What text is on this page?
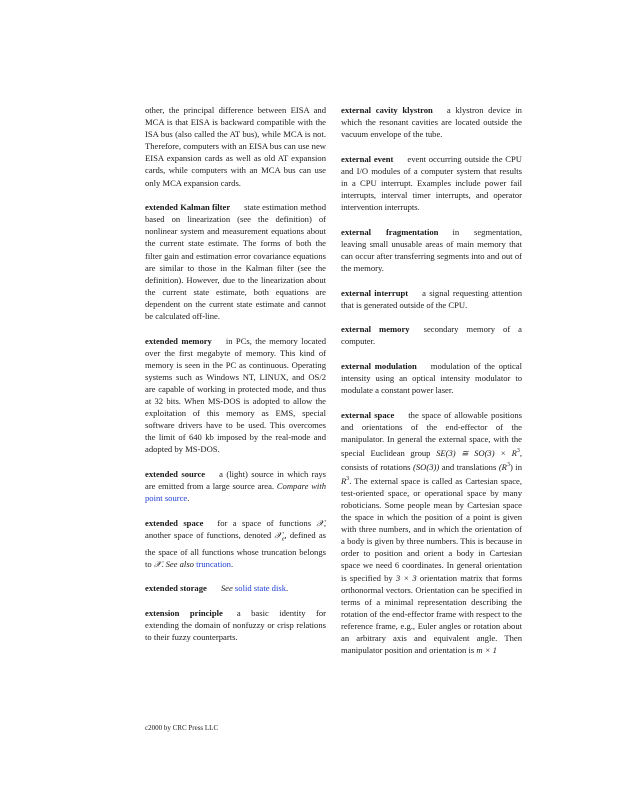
other, the principal difference between EISA and MCA is that EISA is backward compatible with the ISA bus (also called the AT bus), while MCA is not. Therefore, computers with an EISA bus can use new EISA expansion cards as well as old AT expansion cards, while computers with an MCA bus can use only MCA expansion cards.

extended Kalman filter state estimation method based on linearization (see the definition) of nonlinear system and measurement equations about the current state estimate. The forms of both the filter gain and estimation error covariance equations are similar to those in the Kalman filter (see the definition). However, due to the linearization about the current state estimate, both equations are dependent on the current state estimate and cannot be calculated off-line.

extended memory in PCs, the memory located over the first megabyte of memory. This kind of memory is seen in the PC as continuous. Operating systems such as Windows NT, LINUX, and OS/2 are capable of working in protected mode, and thus at 32 bits. When MS-DOS is adopted to allow the exploitation of this memory as EMS, special software drivers have to be used. This overcomes the limit of 640 kb imposed by the real-mode and adopted by MS-DOS.

extended source a (light) source in which rays are emitted from a large source area. Compare with point source.

extended space for a space of functions 𝒳, another space of functions, denoted 𝒳$_e$, defined as the space of all functions whose truncation belongs to 𝒳. See also truncation.

extended storage See solid state disk.

extension principle a basic identity for extending the domain of nonfuzzy or crisp relations to their fuzzy counterparts.

external cavity klystron a klystron device in which the resonant cavities are located outside the vacuum envelope of the tube.

external event event occurring outside the CPU and I/O modules of a computer system that results in a CPU interrupt. Examples include power fail interrupts, interval timer interrupts, and operator intervention interrupts.

external fragmentation in segmentation, leaving small unusable areas of main memory that can occur after transferring segments into and out of the memory.

external interrupt a signal requesting attention that is generated outside of the CPU.

external memory secondary memory of a computer.

external modulation modulation of the optical intensity using an optical intensity modulator to modulate a constant power laser.

external space the space of allowable positions and orientations of the end-effector of the manipulator. In general the external space, with the special Euclidean group SE(3) ≅ $SO(3) \times R^3$, consists of rotations (SO(3)) and translations $(R^3)$ in $R^3$. The external space is called as Cartesian space, test-oriented space, or operational space by many roboticians. Some people mean by Cartesian space the space in which the position of a point is given with three numbers, and in which the orientation of a body is given by three numbers. This is because in order to position and orient a body in Cartesian space we need 6 coordinates. In general orientation is specified by 3 × 3 orientation matrix that forms orthonormal vectors. Orientation can be specified in terms of a minimal representation describing the rotation of the end-effector frame with respect to the reference frame, e.g., Euler angles or rotation about an arbitrary axis and equivalent angle. Then manipulator position and orientation is m × 1

c2000 by CRC Press LLC
